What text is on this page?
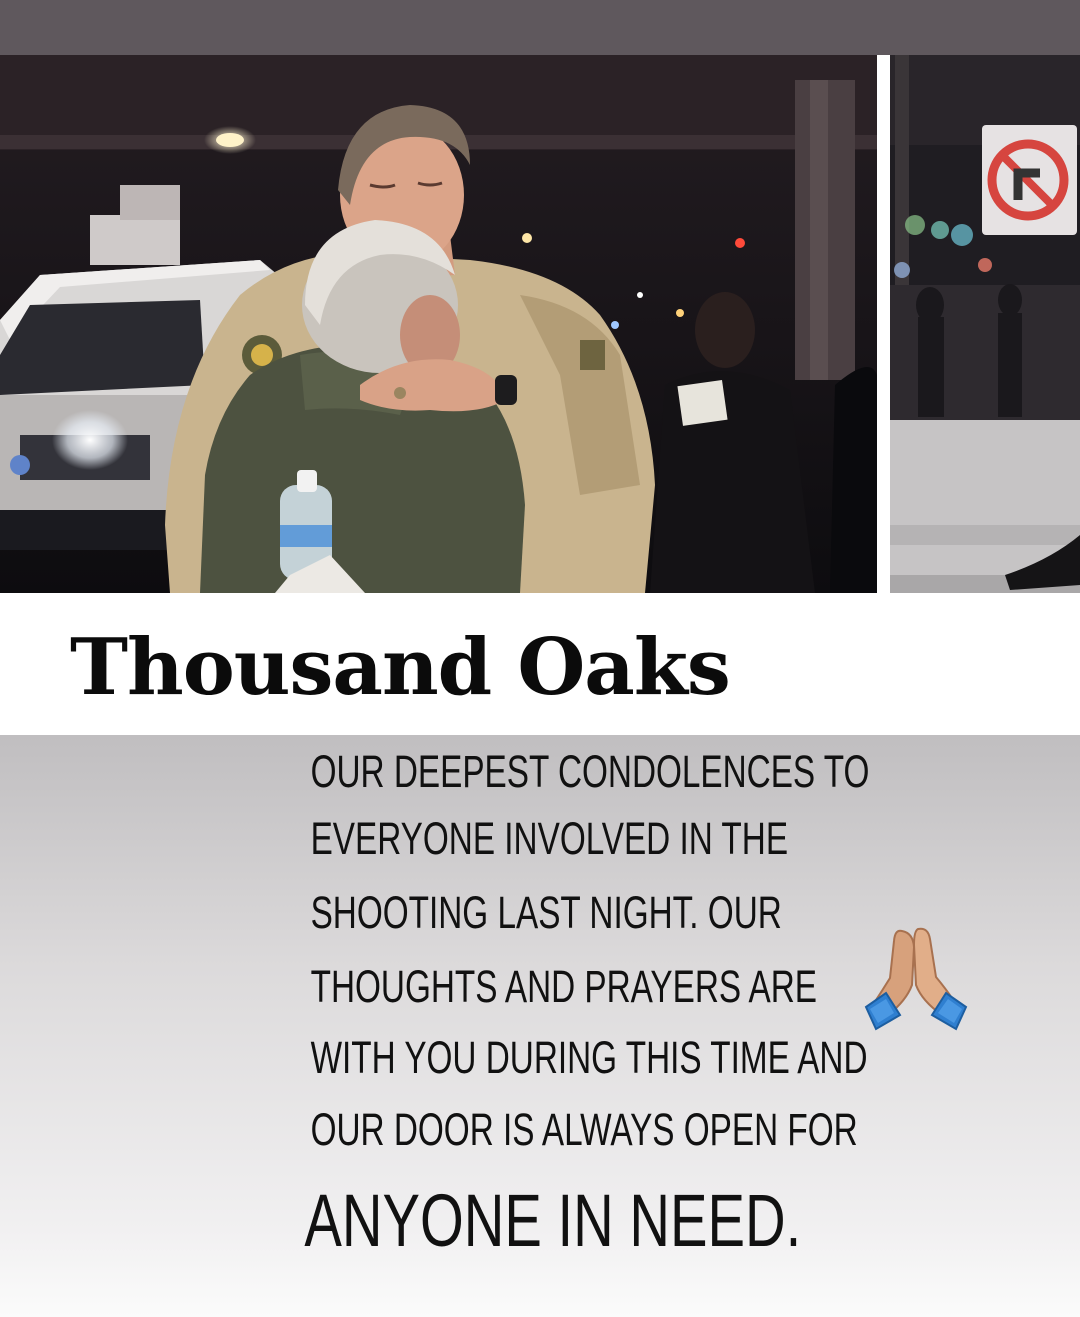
Thousand Oaks

OUR DEEPEST CONDOLENCES TO

EVERYONE INVOLVED IN THE

SHOOTING LAST NIGHT. OUR

THOUGHTS AND PRAYERS ARE

WITH YOU DURING THIS TIME AND

OUR DOOR IS ALWAYS OPEN FOR

ANYONE IN NEED.
